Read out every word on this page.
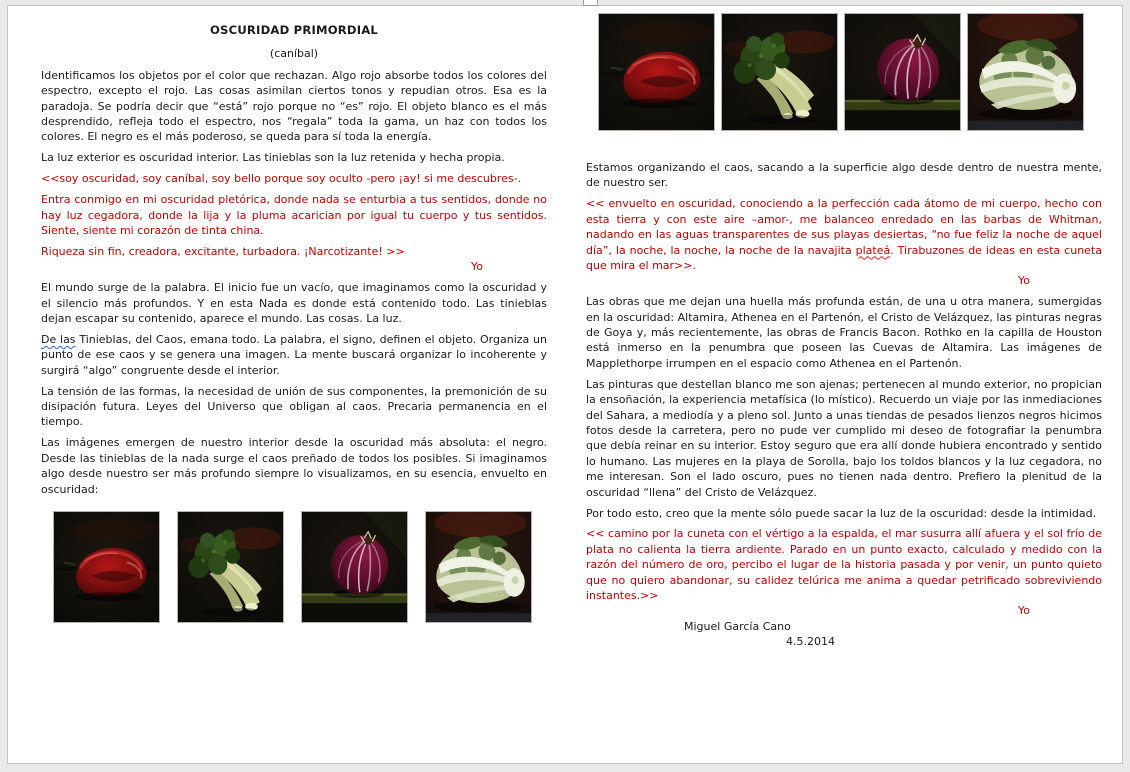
OSCURIDAD PRIMORDIAL
(caníbal)

Identificamos los objetos por el color que rechazan. Algo rojo absorbe todos los colores del espectro, excepto el rojo. Las cosas asimilan ciertos tonos y repudian otros. Esa es la paradoja. Se podría decir que “está” rojo porque no “es” rojo. El objeto blanco es el más desprendido, refleja todo el espectro, nos “regala” toda la gama, un haz con todos los colores. El negro es el más poderoso, se queda para sí toda la energía.

La luz exterior es oscuridad interior. Las tinieblas son la luz retenida y hecha propia.

<<soy oscuridad, soy caníbal, soy bello porque soy oculto -pero ¡ay! si me descubres-.

Entra conmigo en mi oscuridad pletórica, donde nada se enturbia a tus sentidos, donde no hay luz cegadora, donde la lija y la pluma acarician por igual tu cuerpo y tus sentidos. Siente, siente mi corazón de tinta china.

Riqueza sin fin, creadora, excitante, turbadora. ¡Narcotizante! >>

Yo

El mundo surge de la palabra. El inicio fue un vacío, que imaginamos como la oscuridad y el silencio más profundos. Y en esta Nada es donde está contenido todo. Las tinieblas dejan escapar su contenido, aparece el mundo. Las cosas. La luz.

De las Tinieblas, del Caos, emana todo. La palabra, el signo, definen el objeto. Organiza un punto de ese caos y se genera una imagen. La mente buscará organizar lo incoherente y surgirá “algo” congruente desde el interior.

La tensión de las formas, la necesidad de unión de sus componentes, la premonición de su disipación futura. Leyes del Universo que obligan al caos. Precaria permanencia en el tiempo.

Las imágenes emergen de nuestro interior desde la oscuridad más absoluta: el negro. Desde las tinieblas de la nada surge el caos preñado de todos los posibles. Si imaginamos algo desde nuestro ser más profundo siempre lo visualizamos, en su esencia, envuelto en oscuridad:

Estamos organizando el caos, sacando a la superficie algo desde dentro de nuestra mente, de nuestro ser.

<< envuelto en oscuridad, conociendo a la perfección cada átomo de mi cuerpo, hecho con esta tierra y con este aire –amor-, me balanceo enredado en las barbas de Whitman, nadando en las aguas transparentes de sus playas desiertas, “no fue feliz la noche de aquel día”, la noche, la noche, la noche de la navajita plateá. Tirabuzones de ideas en esta cuneta que mira el mar>>.

Yo

Las obras que me dejan una huella más profunda están, de una u otra manera, sumergidas en la oscuridad: Altamira, Athenea en el Partenón, el Cristo de Velázquez, las pinturas negras de Goya y, más recientemente, las obras de Francis Bacon. Rothko en la capilla de Houston está inmerso en la penumbra que poseen las Cuevas de Altamira. Las imágenes de Mapplethorpe irrumpen en el espacio como Athenea en el Partenón.

Las pinturas que destellan blanco me son ajenas; pertenecen al mundo exterior, no propician la ensoñación, la experiencia metafísica (lo místico). Recuerdo un viaje por las inmediaciones del Sahara, a mediodía y a pleno sol. Junto a unas tiendas de pesados lienzos negros hicimos fotos desde la carretera, pero no pude ver cumplido mi deseo de fotografiar la penumbra que debía reinar en su interior. Estoy seguro que era allí donde hubiera encontrado y sentido lo humano. Las mujeres en la playa de Sorolla, bajo los toldos blancos y la luz cegadora, no me interesan. Son el lado oscuro, pues no tienen nada dentro. Prefiero la plenitud de la oscuridad “llena” del Cristo de Velázquez.

Por todo esto, creo que la mente sólo puede sacar la luz de la oscuridad: desde la intimidad.

<< camino por la cuneta con el vértigo a la espalda, el mar susurra allí afuera y el sol frío de plata no calienta la tierra ardiente. Parado en un punto exacto, calculado y medido con la razón del número de oro, percibo el lugar de la historia pasada y por venir, un punto quieto que no quiero abandonar, su calidez telúrica me anima a quedar petrificado sobreviviendo instantes.>>

Yo
Miguel García Cano
4.5.2014
